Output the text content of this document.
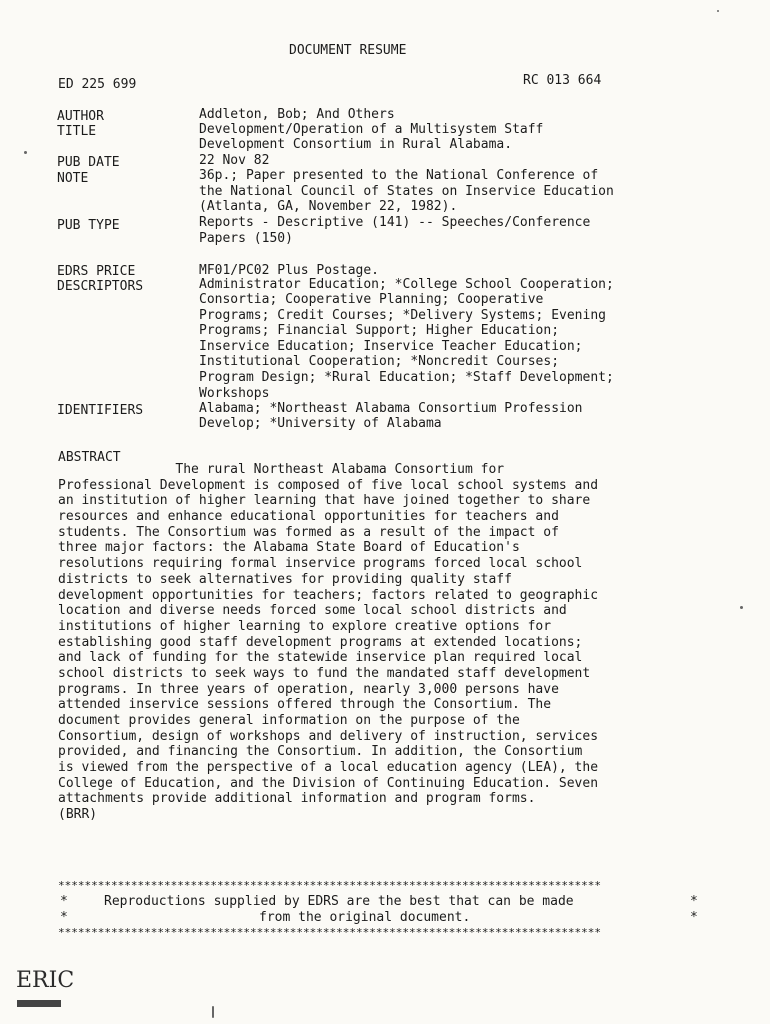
DOCUMENT RESUME
ED 225 699	RC 013 664
AUTHOR	Addleton, Bob; And Others
TITLE	Development/Operation of a Multisystem Staff
Development Consortium in Rural Alabama.
PUB DATE	22 Nov 82
NOTE	36p.; Paper presented to the National Conference of
the National Council of States on Inservice Education
(Atlanta, GA, November 22, 1982).
PUB TYPE	Reports - Descriptive (141) -- Speeches/Conference
Papers (150)
EDRS PRICE	MF01/PC02 Plus Postage.
DESCRIPTORS	Administrator Education; *College School Cooperation;
Consortia; Cooperative Planning; Cooperative
Programs; Credit Courses; *Delivery Systems; Evening
Programs; Financial Support; Higher Education;
Inservice Education; Inservice Teacher Education;
Institutional Cooperation; *Noncredit Courses;
Program Design; *Rural Education; *Staff Development;
Workshops
IDENTIFIERS	Alabama; *Northeast Alabama Consortium Profession
Develop; *University of Alabama
ABSTRACT
The rural Northeast Alabama Consortium for
Professional Development is composed of five local school systems and
an institution of higher learning that have joined together to share
resources and enhance educational opportunities for teachers and
students. The Consortium was formed as a result of the impact of
three major factors: the Alabama State Board of Education's
resolutions requiring formal inservice programs forced local school
districts to seek alternatives for providing quality staff
development opportunities for teachers; factors related to geographic
location and diverse needs forced some local school districts and
institutions of higher learning to explore creative options for
establishing good staff development programs at extended locations;
and lack of funding for the statewide inservice plan required local
school districts to seek ways to fund the mandated staff development
programs. In three years of operation, nearly 3,000 persons have
attended inservice sessions offered through the Consortium. The
document provides general information on the purpose of the
Consortium, design of workshops and delivery of instruction, services
provided, and financing the Consortium. In addition, the Consortium
is viewed from the perspective of a local education agency (LEA), the
College of Education, and the Division of Continuing Education. Seven
attachments provide additional information and program forms.
(BRR)
**********************************************************************************
*	Reproductions supplied by EDRS are the best that can be made	*
*	from the original document.	*
**********************************************************************************
ERIC
